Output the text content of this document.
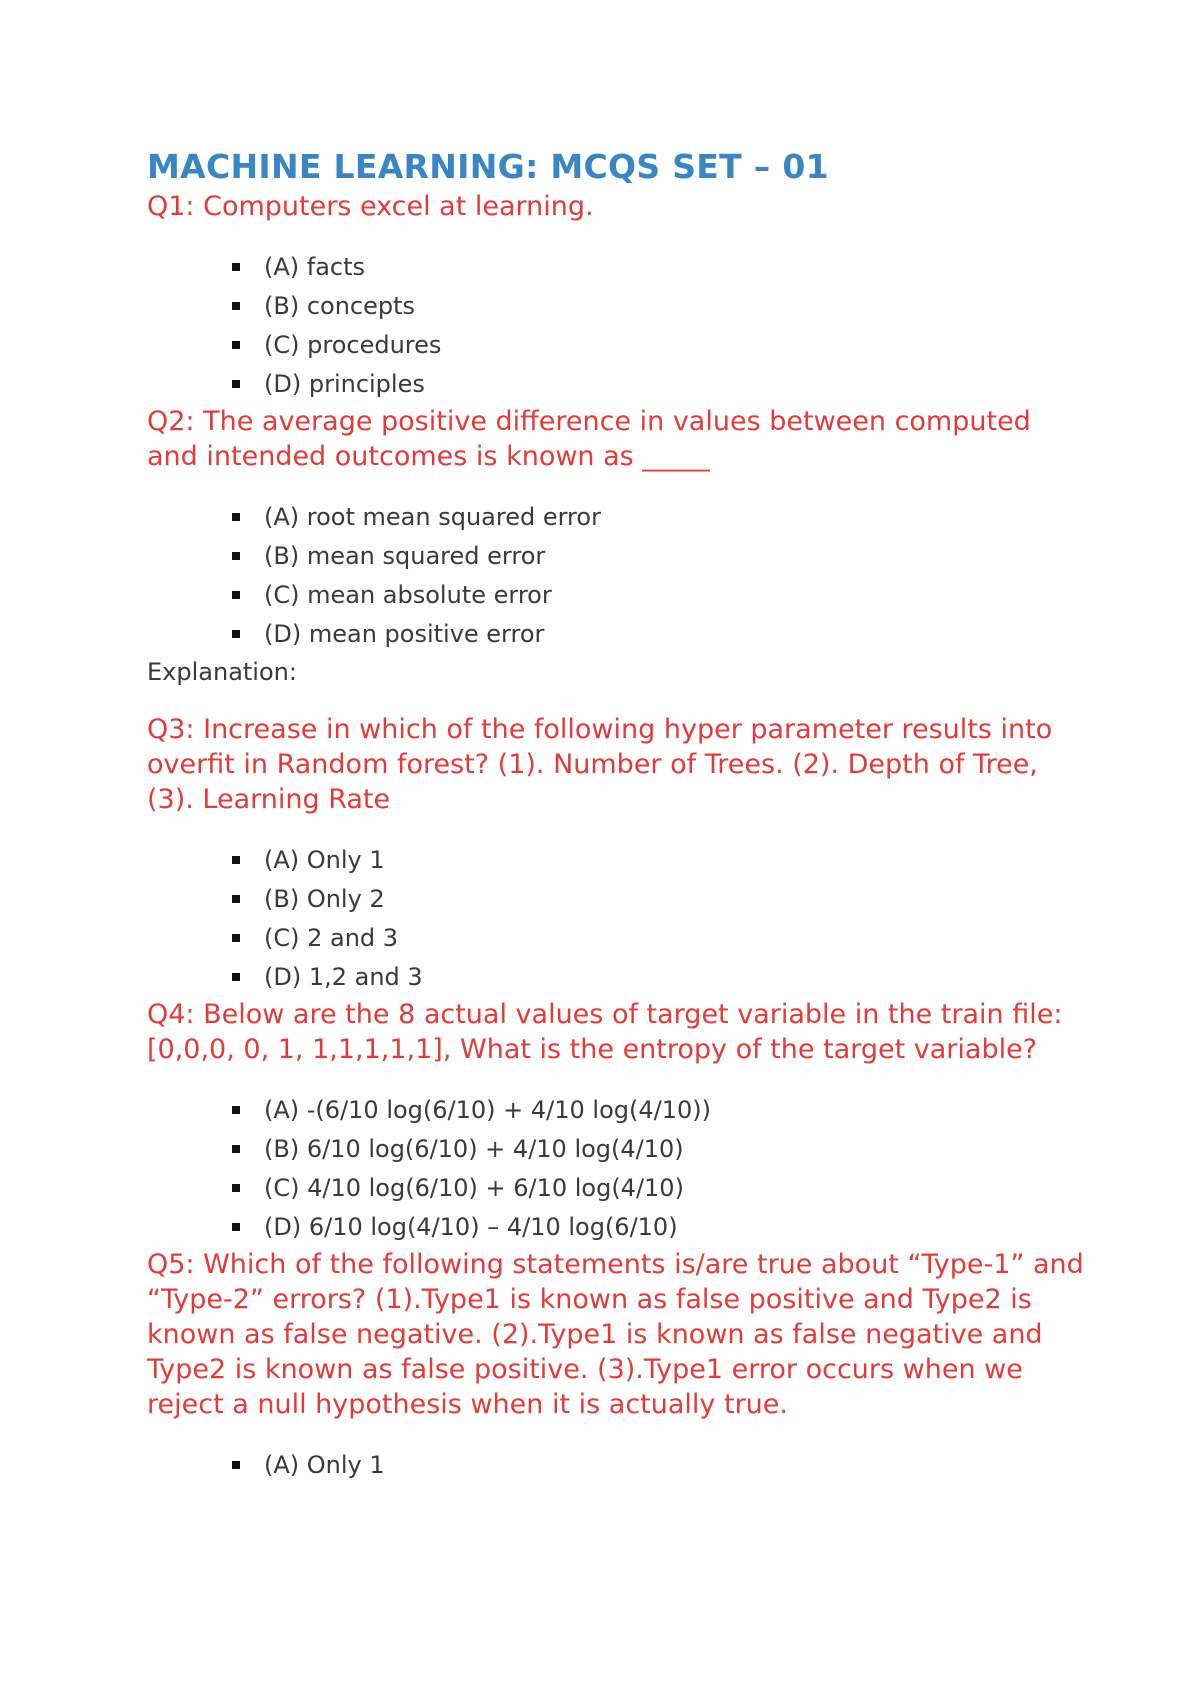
MACHINE LEARNING: MCQS SET – 01

Q1: Computers excel at learning.

(A) facts
(B) concepts
(C) procedures
(D) principles

Q2: The average positive difference in values between computed and intended outcomes is known as _____

(A) root mean squared error
(B) mean squared error
(C) mean absolute error
(D) mean positive error

Explanation:

Q3: Increase in which of the following hyper parameter results into overfit in Random forest? (1). Number of Trees. (2). Depth of Tree, (3). Learning Rate

(A) Only 1
(B) Only 2
(C) 2 and 3
(D) 1,2 and 3

Q4: Below are the 8 actual values of target variable in the train file: [0,0,0, 0, 1, 1,1,1,1,1], What is the entropy of the target variable?

(A) -(6/10 log(6/10) + 4/10 log(4/10))
(B) 6/10 log(6/10) + 4/10 log(4/10)
(C) 4/10 log(6/10) + 6/10 log(4/10)
(D) 6/10 log(4/10) – 4/10 log(6/10)

Q5: Which of the following statements is/are true about “Type-1” and “Type-2” errors? (1).Type1 is known as false positive and Type2 is known as false negative. (2).Type1 is known as false negative and Type2 is known as false positive. (3).Type1 error occurs when we reject a null hypothesis when it is actually true.

(A) Only 1
